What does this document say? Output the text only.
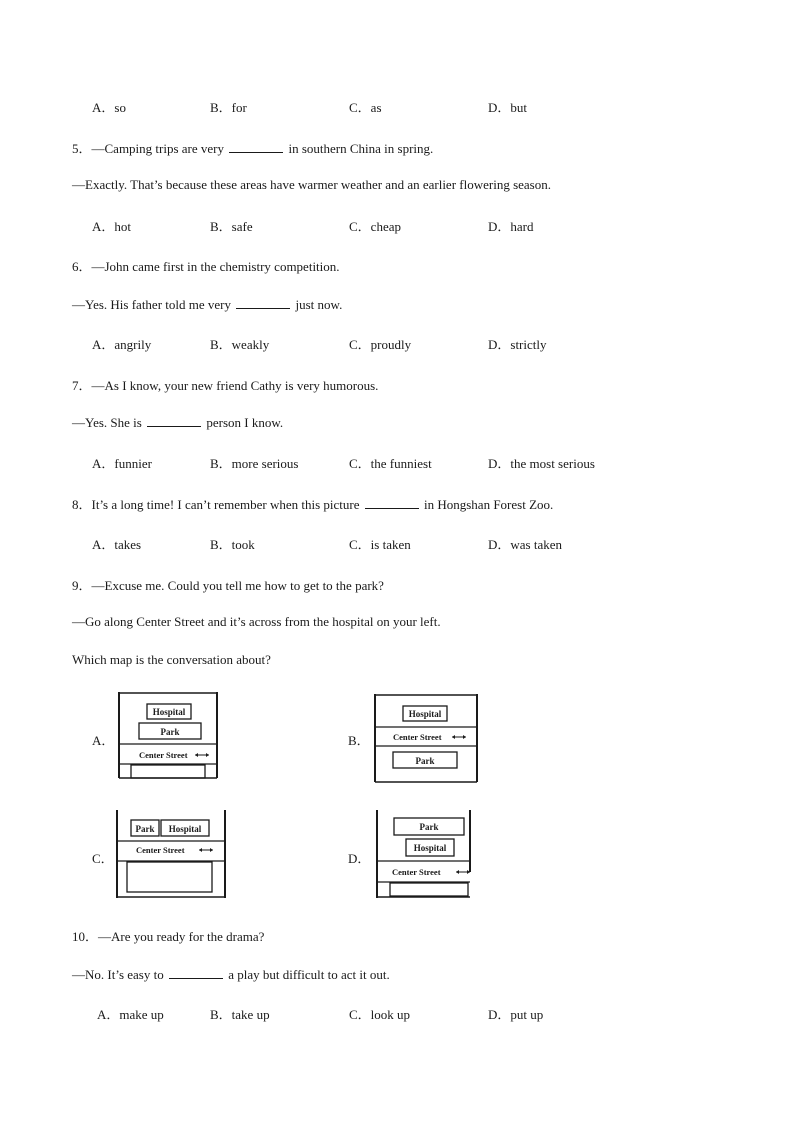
A．so	B．for	C．as	D．but
5．—Camping trips are very	in southern China in spring.
—Exactly. That’s because these areas have warmer weather and an earlier flowering season.
A．hot	B．safe	C．cheap	D．hard
6．—John came first in the chemistry competition.
—Yes. His father told me very	just now.
A．angrily	B．weakly	C．proudly	D．strictly
7．—As I know, your new friend Cathy is very humorous.
—Yes. She is	person I know.
A．funnier	B．more serious	C．the funniest	D．the most serious
8．It’s a long time! I can’t remember when this picture	in Hongshan Forest Zoo.
A．takes	B．took	C．is taken	D．was taken
9．—Excuse me. Could you tell me how to get to the park?
—Go along Center Street and it’s across from the hospital on your left.
Which map is the conversation about?
A．
Hospital
Park
Center Street
B．
Hospital
Center Street
Park
C．
Park Hospital
Center Street
D．
Park
Hospital
Center Street
10．—Are you ready for the drama?
—No. It’s easy to	a play but difficult to act it out.
A．make up	B．take up	C．look up	D．put up
